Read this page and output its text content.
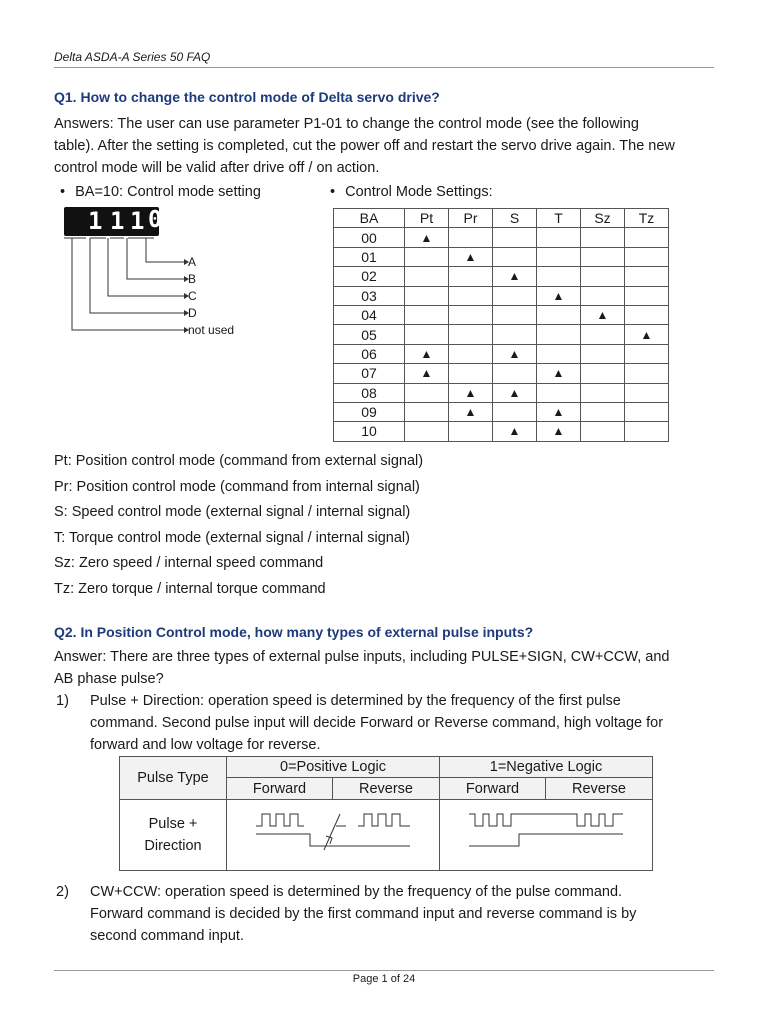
Delta ASDA-A Series 50 FAQ
Q1. How to change the control mode of Delta servo drive?
Answers: The user can use parameter P1-01 to change the control mode (see the following
table). After the setting is completed, cut the power off and restart the servo drive again. The new
control mode will be valid after drive off / on action.
• BA=10: Control mode setting	• Control Mode Settings:
1 1 1 0
A
B
C
D
not used
BA	Pt	Pr	S	T	Sz	Tz
00	▲					
01		▲				
02			▲			
03				▲		
04					▲	
05						▲
06	▲		▲			
07	▲			▲		
08		▲	▲			
09		▲		▲		
10			▲	▲		
Pt: Position control mode (command from external signal)
Pr: Position control mode (command from internal signal)
S: Speed control mode (external signal / internal signal)
T: Torque control mode (external signal / internal signal)
Sz: Zero speed / internal speed command
Tz: Zero torque / internal torque command
Q2. In Position Control mode, how many types of external pulse inputs?
Answer: There are three types of external pulse inputs, including PULSE+SIGN, CW+CCW, and
AB phase pulse?
1) Pulse + Direction: operation speed is determined by the frequency of the first pulse
command. Second pulse input will decide Forward or Reverse command, high voltage for
forward and low voltage for reverse.
Pulse Type	0=Positive Logic		1=Negative Logic	
	Forward	Reverse	Forward	Reverse

Pulse +
Direction

2) CW+CCW: operation speed is determined by the frequency of the pulse command.
Forward command is decided by the first command input and reverse command is by
second command input.
Page 1 of 24
